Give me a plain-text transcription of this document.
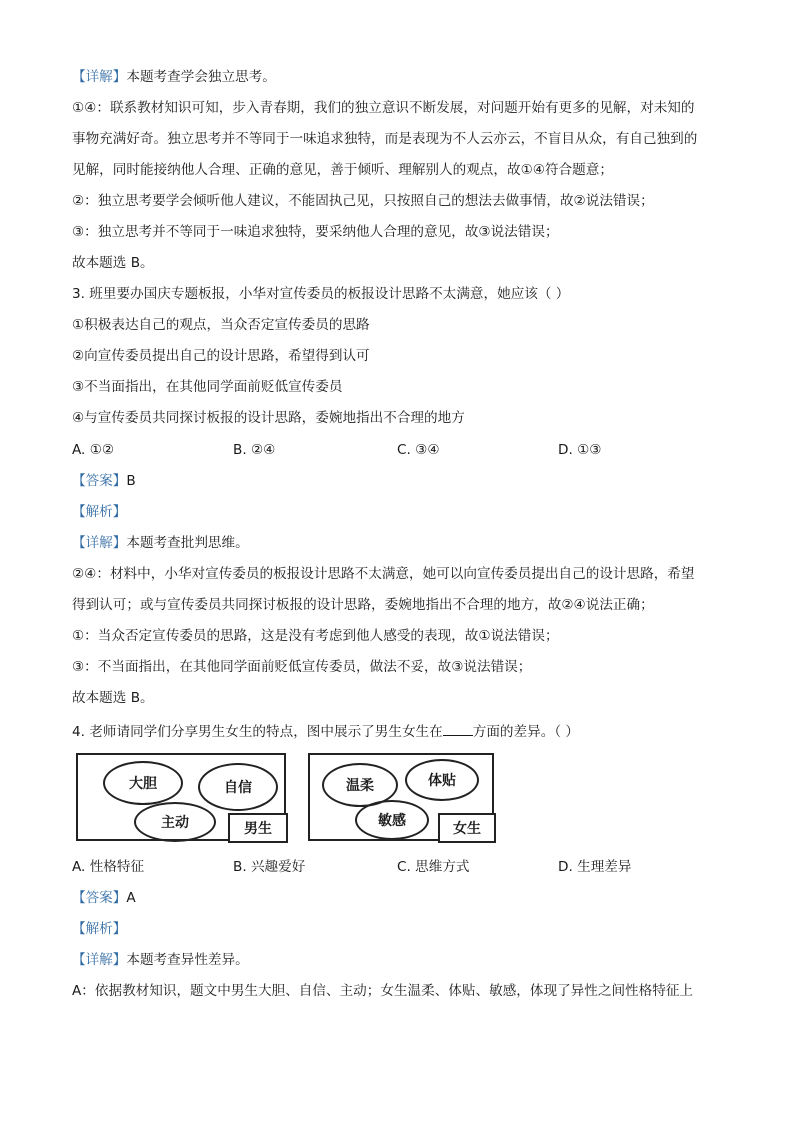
【详解】本题考查学会独立思考。
①④：联系教材知识可知，步入青春期，我们的独立意识不断发展，对问题开始有更多的见解，对未知的
事物充满好奇。独立思考并不等同于一味追求独特，而是表现为不人云亦云，不盲目从众，有自己独到的
见解，同时能接纳他人合理、正确的意见，善于倾听、理解别人的观点，故①④符合题意；
②：独立思考要学会倾听他人建议，不能固执己见，只按照自己的想法去做事情，故②说法错误；
③：独立思考并不等同于一味追求独特，要采纳他人合理的意见，故③说法错误；
故本题选 B。
3. 班里要办国庆专题板报，小华对宣传委员的板报设计思路不太满意，她应该（ ）
①积极表达自己的观点，当众否定宣传委员的思路
②向宣传委员提出自己的设计思路，希望得到认可
③不当面指出，在其他同学面前贬低宣传委员
④与宣传委员共同探讨板报的设计思路，委婉地指出不合理的地方
A. ①②	B. ②④	C. ③④	D. ①③
【答案】B
【解析】
【详解】本题考查批判思维。
②④：材料中，小华对宣传委员的板报设计思路不太满意，她可以向宣传委员提出自己的设计思路，希望
得到认可；或与宣传委员共同探讨板报的设计思路，委婉地指出不合理的地方，故②④说法正确；
①：当众否定宣传委员的思路，这是没有考虑到他人感受的表现，故①说法错误；
③：不当面指出，在其他同学面前贬低宣传委员，做法不妥，故③说法错误；
故本题选 B。
4. 老师请同学们分享男生女生的特点，图中展示了男生女生在 方面的差异。（ ）
大胆	自信
主动	男生
温柔	体贴
敏感	女生
A. 性格特征	B. 兴趣爱好	C. 思维方式	D. 生理差异
【答案】A
【解析】
【详解】本题考查异性差异。
A：依据教材知识，题文中男生大胆、自信、主动；女生温柔、体贴、敏感，体现了异性之间性格特征上
